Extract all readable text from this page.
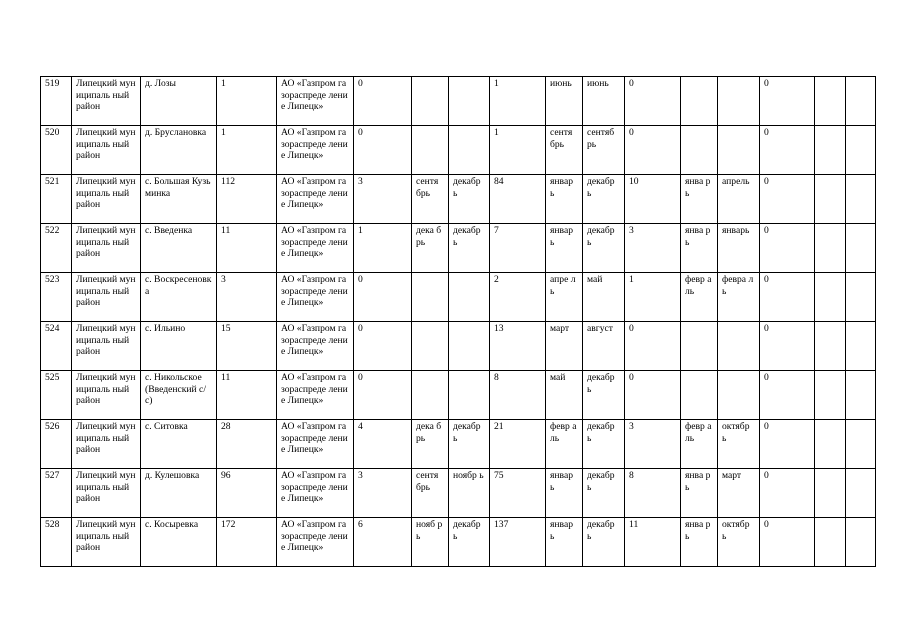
519	Липецкий муниципаль ный район	д. Лозы	1	АО «Газпром газораспреде ление Липецк»	0			1	июнь	июнь	0			0		
520	Липецкий муниципаль ный район	д. Бруслановка	1	АО «Газпром газораспреде ление Липецк»	0			1	сентя брь	сентяб рь	0			0		
521	Липецкий муниципаль ный район	с. Большая Кузьминка	112	АО «Газпром газораспреде ление Липецк»	3	сентя брь	декабр ь	84	январ ь	декабр ь	10	янва рь	апрель	0		
522	Липецкий муниципаль ный район	с. Введенка	11	АО «Газпром газораспреде ление Липецк»	1	дека брь	декабр ь	7	январ ь	декабр ь	3	янва рь	январь	0		
523	Липецкий муниципаль ный район	с. Воскресеновк а	3	АО «Газпром газораспреде ление Липецк»	0			2	апре ль	май	1	февр аль	февра ль	0		
524	Липецкий муниципаль ный район	с. Ильино	15	АО «Газпром газораспреде ление Липецк»	0			13	март	август	0			0		
525	Липецкий муниципаль ный район	с. Никольское (Введенский с/с)	11	АО «Газпром газораспреде ление Липецк»	0			8	май	декабр ь	0			0		
526	Липецкий муниципаль ный район	с. Ситовка	28	АО «Газпром газораспреде ление Липецк»	4	дека брь	декабр ь	21	февр аль	декабр ь	3	февр аль	октябр ь	0		
527	Липецкий муниципаль ный район	д. Кулешовка	96	АО «Газпром газораспреде ление Липецк»	3	сентя брь	ноябр ь	75	январ ь	декабр ь	8	янва рь	март	0		
528	Липецкий муниципаль ный район	с. Косыревка	172	АО «Газпром газораспреде ление Липецк»	6	нояб рь	декабр ь	137	январ ь	декабр ь	11	янва рь	октябр ь	0		
